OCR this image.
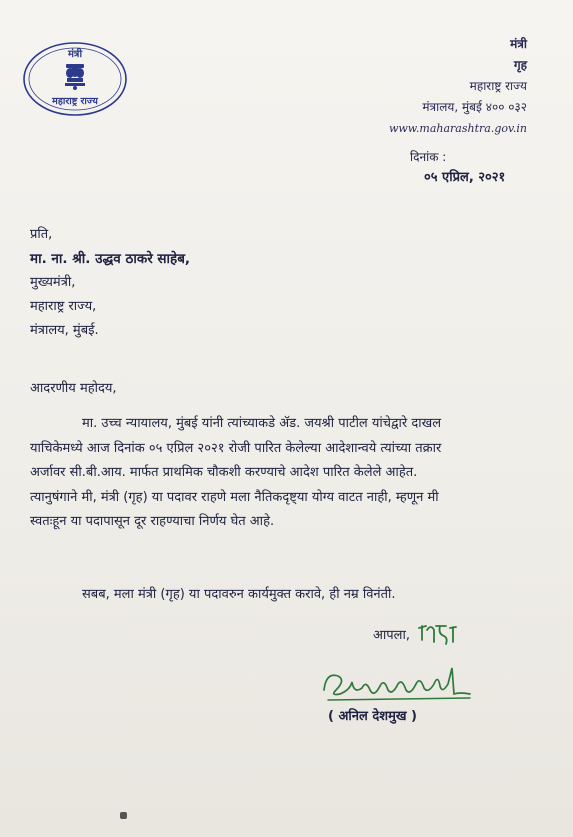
मंत्री
महाराष्ट्र राज्य
मंत्री
गृह
महाराष्ट्र राज्य
मंत्रालय, मुंबई ४०० ०३२
www.maharashtra.gov.in
दिनांक :
०५ एप्रिल, २०२१
प्रति,
मा. ना. श्री. उद्धव ठाकरे साहेब,
मुख्यमंत्री,
महाराष्ट्र राज्य,
मंत्रालय, मुंबई.
आदरणीय महोदय,
मा. उच्च न्यायालय, मुंबई यांनी त्यांच्याकडे ॲड. जयश्री पाटील यांचेद्वारे दाखल
याचिकेमध्ये आज दिनांक ०५ एप्रिल २०२१ रोजी पारित केलेल्या आदेशान्वये त्यांच्या तक्रार
अर्जावर सी.बी.आय. मार्फत प्राथमिक चौकशी करण्याचे आदेश पारित केलेले आहेत.
त्यानुषंगाने मी, मंत्री (गृह) या पदावर राहणे मला नैतिकदृष्ट्या योग्य वाटत नाही, म्हणून मी
स्वतःहून या पदापासून दूर राहण्याचा निर्णय घेत आहे.
सबब, मला मंत्री (गृह) या पदावरुन कार्यमुक्त करावे, ही नम्र विनंती.
आपला,
( अनिल देशमुख )
